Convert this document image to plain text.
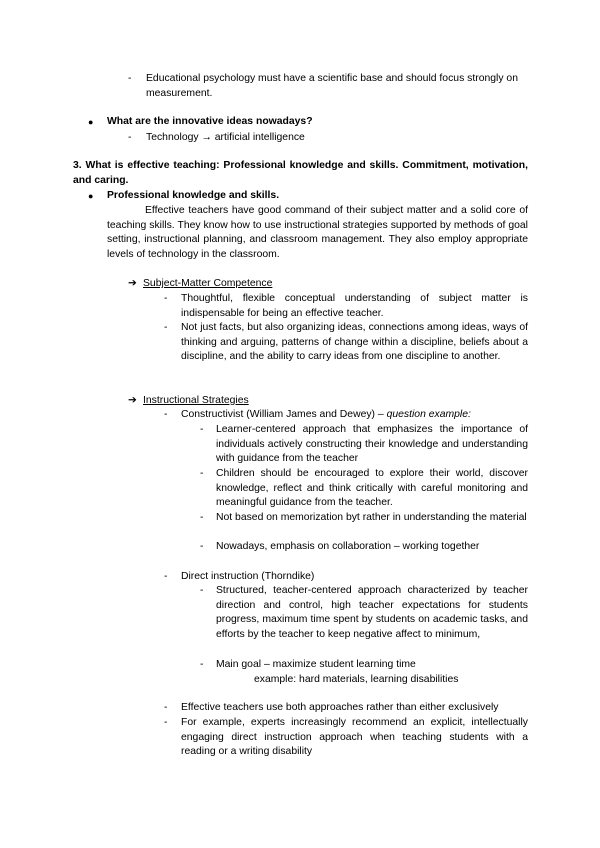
- Educational psychology must have a scientific base and should focus strongly on measurement.

● What are the innovative ideas nowadays?

- Technology → artificial intelligence

3. What is effective teaching: Professional knowledge and skills. Commitment, motivation, and caring.
● Professional knowledge and skills.

Effective teachers have good command of their subject matter and a solid core of teaching skills. They know how to use instructional strategies supported by methods of goal setting, instructional planning, and classroom management. They also employ appropriate levels of technology in the classroom.
➔ Subject-Matter Competence
- Thoughtful, flexible conceptual understanding of subject matter is indispensable for being an effective teacher.

- Not just facts, but also organizing ideas, connections among ideas, ways of thinking and arguing, patterns of change within a discipline, beliefs about a discipline, and the ability to carry ideas from one discipline to another.

➔ Instructional Strategies
- Constructivist (William James and Dewey) – question example:

- Learner-centered approach that emphasizes the importance of individuals actively constructing their knowledge and understanding with guidance from the teacher

- Children should be encouraged to explore their world, discover knowledge, reflect and think critically with careful monitoring and meaningful guidance from the teacher.

- Not based on memorization byt rather in understanding the material

- Nowadays, emphasis on collaboration – working together

- Direct instruction (Thorndike)

- Structured, teacher-centered approach characterized by teacher direction and control, high teacher expectations for students progress, maximum time spent by students on academic tasks, and efforts by the teacher to keep negative affect to minimum,

- Main goal – maximize student learning time

example: hard materials, learning disabilities
- Effective teachers use both approaches rather than either exclusively

- For example, experts increasingly recommend an explicit, intellectually engaging direct instruction approach when teaching students with a reading or a writing disability
